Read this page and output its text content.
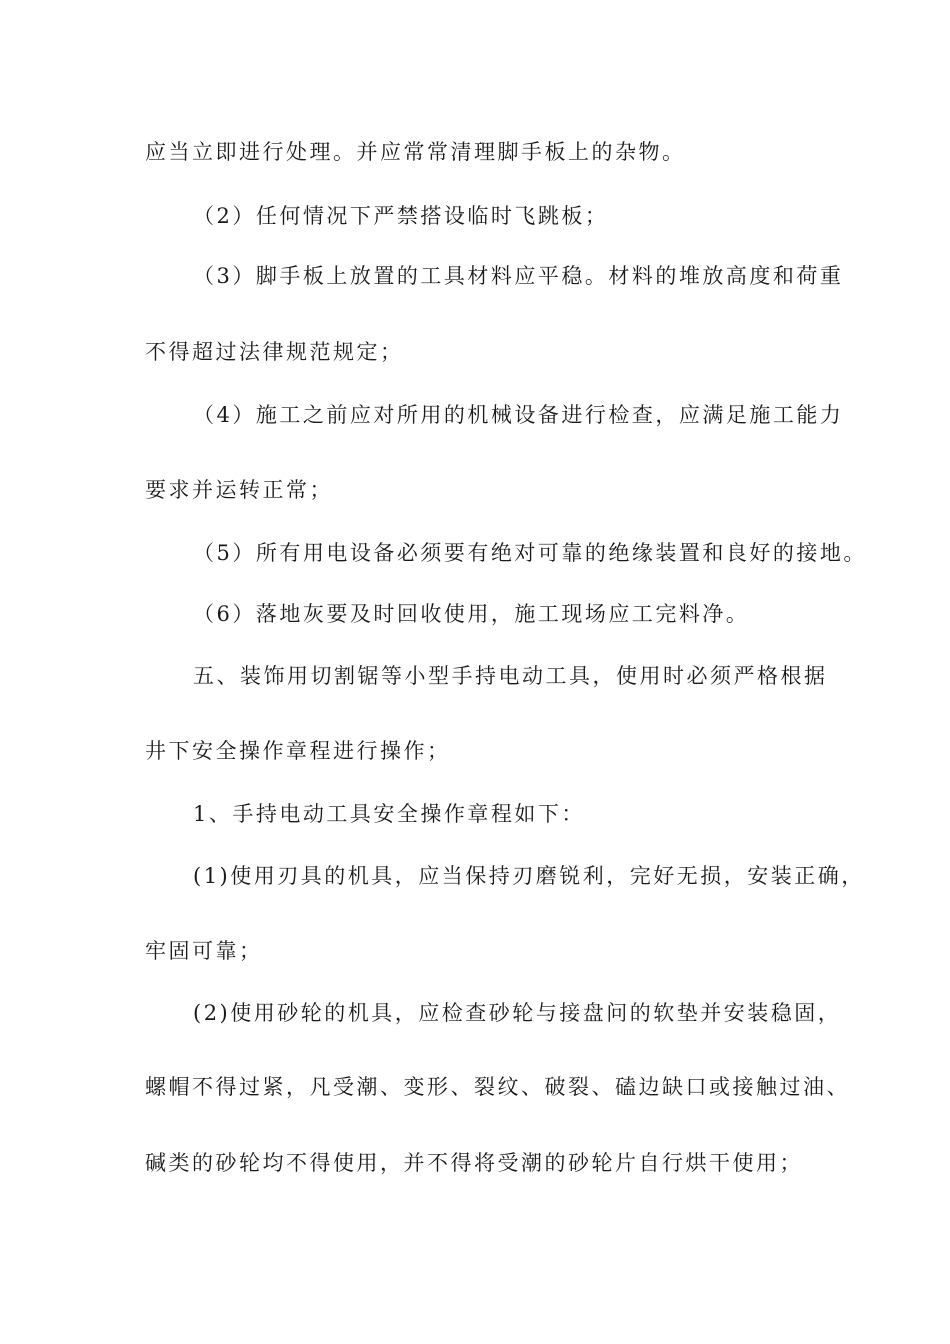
应当立即进行处理。并应常常清理脚手板上的杂物。
（2）任何情况下严禁搭设临时飞跳板；
（3）脚手板上放置的工具材料应平稳。材料的堆放高度和荷重
不得超过法律规范规定；
（4）施工之前应对所用的机械设备进行检查，应满足施工能力
要求并运转正常；
（5）所有用电设备必须要有绝对可靠的绝缘装置和良好的接地。
（6）落地灰要及时回收使用，施工现场应工完料净。
五、装饰用切割锯等小型手持电动工具，使用时必须严格根据
井下安全操作章程进行操作；
1、手持电动工具安全操作章程如下：
(1)使用刃具的机具，应当保持刃磨锐利，完好无损，安装正确，
牢固可靠；
(2)使用砂轮的机具，应检查砂轮与接盘问的软垫并安装稳固，
螺帽不得过紧，凡受潮、变形、裂纹、破裂、磕边缺口或接触过油、
碱类的砂轮均不得使用，并不得将受潮的砂轮片自行烘干使用；
